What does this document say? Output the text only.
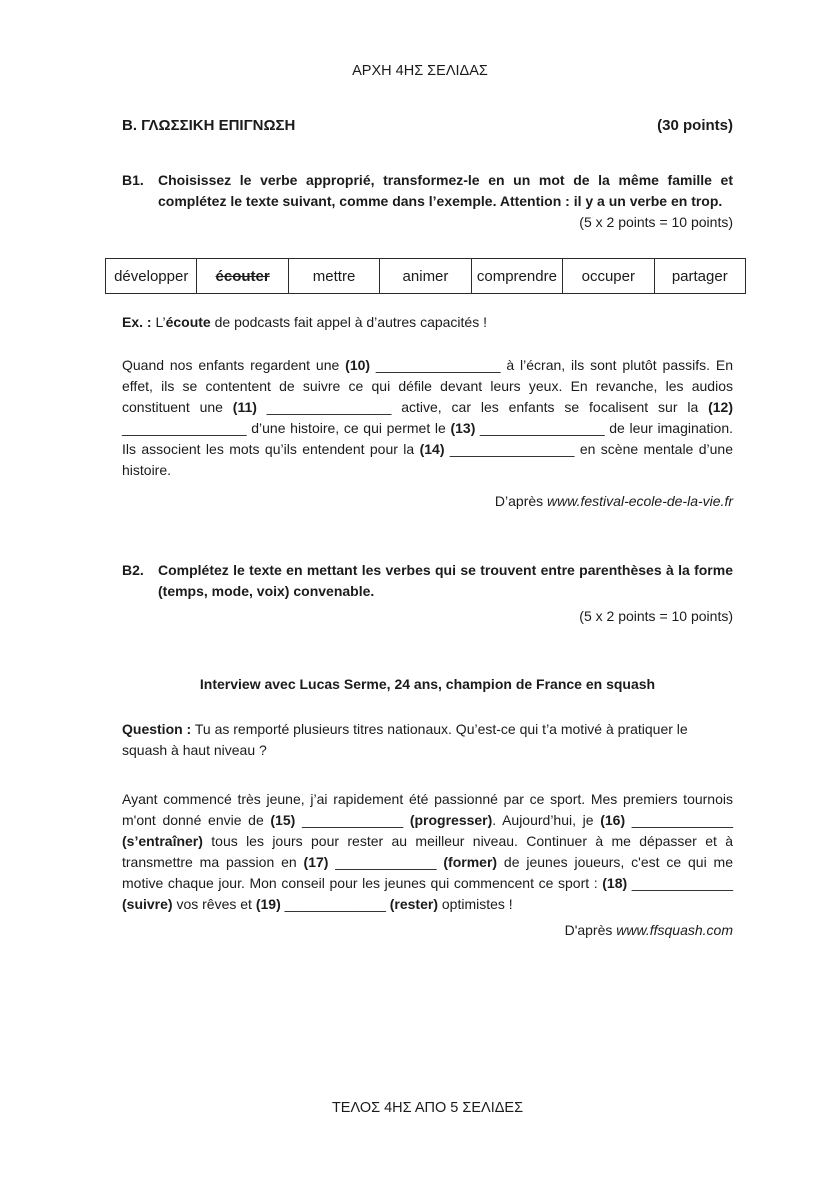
ΑΡΧΗ 4ΗΣ ΣΕΛΙΔΑΣ
Β. ΓΛΩΣΣΙΚΗ ΕΠΙΓΝΩΣΗ	(30 points)
B1.	Choisissez le verbe approprié, transformez-le en un mot de la même famille et complétez le texte suivant, comme dans l’exemple. Attention : il y a un verbe en trop.
(5 x 2 points = 10 points)
développer	écouter	mettre	animer	comprendre	occuper	partager
Ex. : L’écoute de podcasts fait appel à d’autres capacités !
Quand nos enfants regardent une (10) ________________ à l’écran, ils sont plutôt passifs. En effet, ils se contentent de suivre ce qui défile devant leurs yeux. En revanche, les audios constituent une (11) ________________ active, car les enfants se focalisent sur la (12) ________________ d’une histoire, ce qui permet le (13) ________________ de leur imagination. Ils associent les mots qu’ils entendent pour la (14) ________________ en scène mentale d’une histoire.
D’après www.festival-ecole-de-la-vie.fr
B2.	Complétez le texte en mettant les verbes qui se trouvent entre parenthèses à la forme (temps, mode, voix) convenable.
(5 x 2 points = 10 points)
Interview avec Lucas Serme, 24 ans, champion de France en squash
Question : Tu as remporté plusieurs titres nationaux. Qu’est-ce qui t’a motivé à pratiquer le squash à haut niveau ?
Ayant commencé très jeune, j’ai rapidement été passionné par ce sport. Mes premiers tournois m'ont donné envie de (15) _____________ (progresser). Aujourd’hui, je (16) _____________ (s’entraîner) tous les jours pour rester au meilleur niveau. Continuer à me dépasser et à transmettre ma passion en (17) _____________ (former) de jeunes joueurs, c'est ce qui me motive chaque jour. Mon conseil pour les jeunes qui commencent ce sport : (18) _____________ (suivre) vos rêves et (19) _____________ (rester) optimistes !
D'après www.ffsquash.com
ΤΕΛΟΣ 4ΗΣ ΑΠΟ 5 ΣΕΛΙΔΕΣ
